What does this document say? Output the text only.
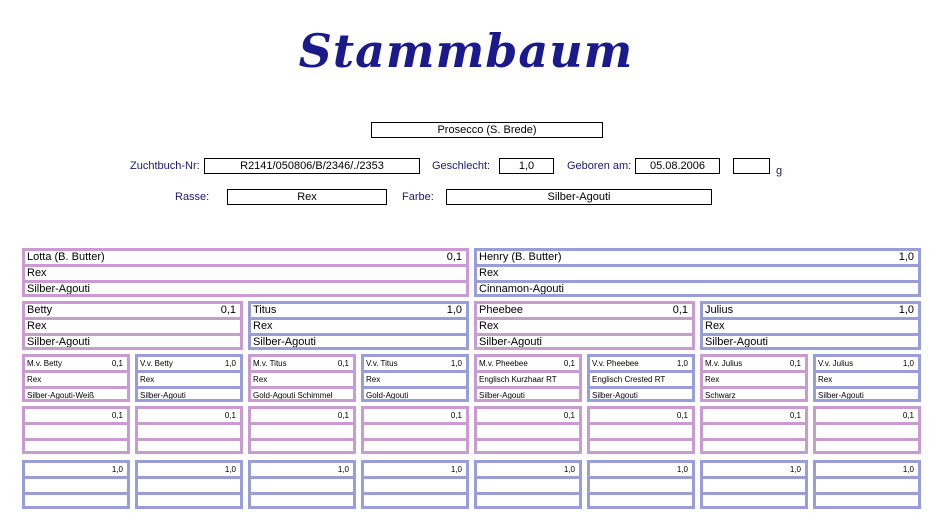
Stammbaum
Prosecco (S. Brede)
Zuchtbuch-Nr:	R2141/050806/B/2346/./2353	Geschlecht:	1,0	Geboren am:	05.08.2006	g
Rasse:	Rex	Farbe:	Silber-Agouti
Lotta (B. Butter)	0,1
Rex
Silber-Agouti
Henry (B. Butter)	1,0
Rex
Cinnamon-Agouti
Betty	0,1
Rex
Silber-Agouti
Titus	1,0
Rex
Silber-Agouti
Pheebee	0,1
Rex
Silber-Agouti
Julius	1,0
Rex
Silber-Agouti
M.v. Betty	0,1
Rex
Silber-Agouti-Weiß
V.v. Betty	1,0
Rex
Silber-Agouti
M.v. Titus	0,1
Rex
Gold-Agouti Schimmel
V.v. Titus	1,0
Rex
Gold-Agouti
M.v. Pheebee	0,1
Englisch Kurzhaar RT
Silber-Agouti
V.v. Pheebee	1,0
Englisch Crested RT
Silber-Agouti
M.v. Julius	0,1
Rex
Schwarz
V.v. Julius	1,0
Rex
Silber-Agouti
0,1	0,1	0,1	0,1	0,1	0,1	0,1	0,1
1,0	1,0	1,0	1,0	1,0	1,0	1,0	1,0
